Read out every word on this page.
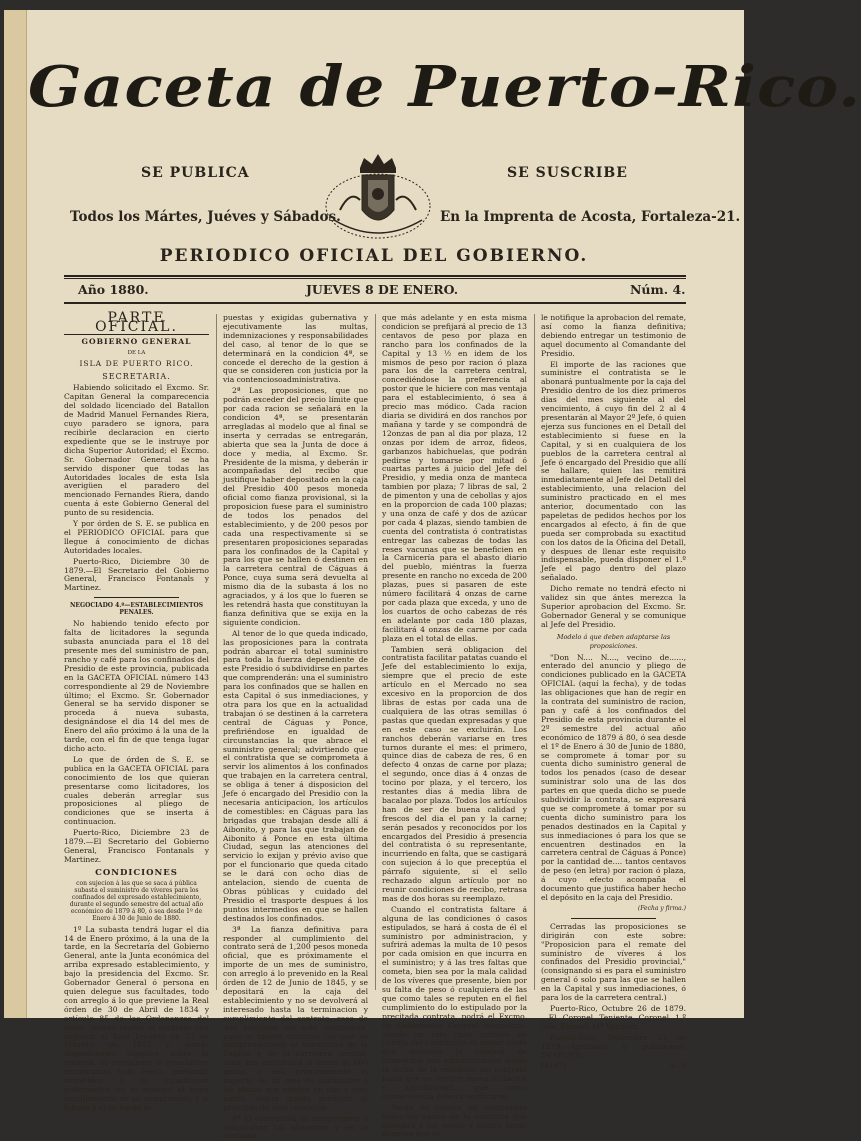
Gaceta de Puerto-Rico.
SE PUBLICA	SE SUSCRIBE
Todos los Mártes, Juéves y Sábados.	En la Imprenta de Acosta, Fortaleza-21.
PERIODICO OFICIAL DEL GOBIERNO.
Año 1880.	JUEVES 8 DE ENERO.	Núm. 4.
PARTE OFICIAL.
GOBIERNO GENERAL
DE LA
ISLA DE PUERTO RICO.
SECRETARIA.

Habiendo solicitado el Excmo. Sr. Capitan General la comparecencia del soldado licenciado del Batallon de Madrid Manuel Fernandes Riera, cuyo paradero se ignora, para recibirle declaracion en cierto expediente que se le instruye por dicha Superior Autoridad; el Excmo. Sr. Gobernador General se ha servido disponer que todas las Autoridades locales de esta Isla averigüen el paradero del mencionado Fernandes Riera, dando cuenta á este Gobierno General del punto de su residencia.

Y por órden de S. E. se publica en el PERIODICO OFICIAL para que llegue á conocimiento de dichas Autoridades locales.

Puerto-Rico, Diciembre 30 de 1879.—El Secretario del Gobierno General, Francisco Fontanals y Martinez.

NEGOCIADO 4.º—ESTABLECIMIENTOS PENALES.

No habiendo tenido efecto por falta de licitadores la segunda subasta anunciada para el 18 del presente mes del suministro de pan, rancho y café para los confinados del Presidio de este provincia, publicada en la GACETA OFICIAL número 143 correspondiente al 29 de Noviembre último; el Excmo. Sr. Gobernador General se ha servido disponer se proceda á nueva subasta, designándose el dia 14 del mes de Enero del año próximo á la una de la tarde, con el fin de que tenga lugar dicho acto.

Lo que de órden de S. E. se publica en la GACETA OFICIAL para conocimiento de los que quieran presentarse como licitadores, los cuales deberán arreglar sus proposiciones al pliego de condiciones que se inserta á continuacion.

Puerto-Rico, Diciembre 23 de 1879.—El Secretario del Gobierno General, Francisco Fontanals y Martinez.

CONDICIONES
con sujecion á las que se saca á pública subasta el suministro de víveres para los confinados del expresado establecimiento, durante el segundo semestre del actual año económico de 1879 á 80, ó sea desde 1º de Enero á 30 de Junio de 1880.

1º La subasta tendrá lugar el dia 14 de Enero próximo, á la una de la tarde, en la Secretaría del Gobierno General, ante la Junta económica del arriba expresado establecimiento, y bajo la presidencia del Excmo. Sr. Gobernador General ó persona en quien delegue sus facultades, todo con arreglo á lo que previene la Real órden de 30 de Abril de 1834 y artículo 85 de las Ordenanzas del ramo, siendo regido el contrato con sujecion al Real Decreto de 27 de Febrero de 1852 y demás disposiciones vigentes sobre la materia. El rematante ó rematantes renunciarán todo fuero, quedando sometidos á la jurisdiccion gubernativa en lo relativo al buen cumplimiento de su compromiso, y si faltare á él se harán in-

puestas y exigidas gubernativa y ejecutivamente las multas, indemnizaciones y responsabilidades del caso, al tenor de lo que se determinará en la condicion 4ª, se concede el derecho de la gestion á que se consideren con justicia por la via contenciosoadministrativa.

2ª Las proposiciones, que no podrán exceder del precio límite que por cada racion se señalará en la condicion 4ª, se presentarán arregladas al modelo que al final se inserta y cerradas se entregarán, abierta que sea la Junta de doce á doce y media, al Excmo. Sr. Presidente de la misma, y deberán ir acompañadas del recibo que justifique haber depositado en la caja del Presidio 400 pesos moneda oficial como fianza provisional, si la proposicion fuese para el suministro de todos los penados del establecimiento, y de 200 pesos por cada una respectivamente si se presentaren proposiciones separadas para los confinados de la Capital y para los que se hallen ó destinen en la carretera central de Cáguas á Ponce, cuya suma será devuelta al mismo dia de la subasta á los no agraciados, y á los que lo fueren se les retendrá hasta que constituyan la fianza definitiva que se exija en la siguiente condicion.

Al tenor de lo que queda indicado, las proposiciones para la contrata podrán abarcar el total suministro para toda la fuerza dependiente de este Presidio ó subdividirse en partes que comprenderán: una el suministro para los confinados que se hallen en esta Capital ó sus inmediaciones, y otra para los que en la actualidad trabajan ó se destinen á la carretera central de Cáguas y Ponce, prefiriéndose en igualdad de circunstancias la que abrace el suministro general; advirtiendo que el contratista que se comprometa á servir los alimentos á los confinados que trabajen en la carretera central, se obliga á tener á disposicion del Jefe ó encargado del Presidio con la necesaria anticipacion, los artículos de comestibles: en Cáguas para las brigadas que trabajan desde allí á Aibonito, y para las que trabajan de Aibonito á Ponce en esta última Ciudad, segun las atenciones del servicio lo exijan y prévio aviso que por el funcionario que queda citado se le dará con ocho dias de antelacion, siendo de cuenta de Obras públicas y cuidado del Presidio el trasporte despues á los puntos intermedios en que se hallen destinados los confinados.

3ª La fianza definitiva para responder al cumplimiento del contrato será de 1,200 pesos moneda oficial, que es próximamente el importe de un mes de suministro, con arreglo á lo prevenido en la Real órden de 12 de Junio de 1845, y se depositará en la caja del establecimiento y no se devolverá al interesado hasta la terminacion y cumplimiento del contrato, caso de que resultase un solo contratista, pues si fueren distintos los que se comprometieren al suministro de la Capital y de la carretera central, cada uno constituirá la fianza de 600 pesos, ó sea próximamente el importe de un mes de suministro á las plazas que existen en uno y otro punto, según queda prefijado al principio de esta condicion.

4ª El contratista se compromete á suministrar los alimentos y en la cantidad

que más adelante y en esta misma condicion se prefijará al precio de 13 centavos de peso por plaza en rancho para los confinados de la Capital y 13 ½ en idem de los mismos de peso por racion ó plaza para los de la carretera central, concediéndose la preferencia al postor que le hiciere con mas ventaja para el establecimiento, ó sea á precio mas módico. Cada racion diaria se dividirá en dos ranchos por mañana y tarde y se compondrá de 12onzas de pan al dia por plaza, 12 onzas por idem de arroz, fideos, garbanzos habichuelas, que podrán pedirse y tomarse por mitad ó cuartas partes á juicio del Jefe del Presidio, y media onza de manteca tambien por plaza; 7 libras de sal, 2 de pimenton y una de cebollas y ajos en la proporcion de cada 100 plazas; y una onza de café y dos de azúcar por cada 4 plazas, siendo tambien de cuenta del contratista ó contratistas entregar las cabezas de todas las reses vacunas que se beneficien en la Carnicería para el abasto diario del pueblo, miéntras la fuerza presente en rancho no exceda de 200 plazas, pues si pasaren de este número facilitará 4 onzas de carne por cada plaza que exceda, y uno de los cuartos de ocho cabezas de rés en adelante por cada 180 plazas, facilitará 4 onzas de carne por cada plaza en el total de ellas.

Tambien será obligacion del contratista facilitar patatas cuando el Jefe del establecimiento lo exija, siempre que el precio de este artículo en el Mercado no sea excesivo en la proporcion de dos libras de estas por cada una de cualquiera de las otras semillas ó pastas que quedan expresadas y que en este caso se excluirán. Los ranchos deberán variarse en tres turnos durante el mes: el primero, quince dias de cabeza de res, 6 en defecto 4 onzas de carne por plaza; el segundo, once dias á 4 onzas de tocino por plaza, y el tercero, los restantes dias á media libra de bacalao por plaza. Todos los artículos han de ser de buena calidad y frescos del dia el pan y la carne; serán pesados y reconocidos por los encargados del Presidio á presencia del contratista ó su representante, incurriendo en falta, que se castigará con sujecion á lo que preceptúa el párrafo siguiente, si el sello rechazado algun artículo por no reunir condiciones de recibo, retrasa mas de dos horas su reemplazo.

Cuando el contratista faltare á alguna de las condiciones ó casos estipulados, se hará á costa de él el suministro por administracion, y sufrirá ademas la multa de 10 pesos por cada omision en que incurra en el suministro; y á las tres faltas que cometa, bien sea por la mala calidad de los víveres que presente, bien por su falta de peso ó cualquiera de las que como tales se reputen en el fiel cumplimiento do lo estipulado por la precitada contrata, podrá el Excmo. Sr. Gobernador General rescindirla, siendo en este caso tambien de cuenta del contratista el mayor coste que ocasione la compra de comestible por administracion desde la fecha de la rescicion del contrato hasta que se celebre nueva licitacion y adjudicacion, que como consecuencia deberá verificarse.

Serán de cuenta del contratista todos los gastos de la escritura que otorgará á los veinte y cuatro horas despues que se

le notifique la aprobacion del remate, así como la fianza definitiva; debiendo entregar un testimonio de aquel documento al Comandante del Presidio.

El importe de las raciones que suministre el contratista se le abonará puntualmente por la caja del Presidio dentro de los diez primeros dias del mes siguiente al del vencimiento, á cuyo fin del 2 al 4 presentarán al Mayor 2º Jefe, ó quien ejerza sus funciones en el Detall del establecimiento si fuese en la Capital, y si en cualquiera de los pueblos de la carretera central al Jefe ó encargado del Presidio que allí se hallare, quien las remitirá inmediatamente al Jefe del Detall del establecimiento, una relacion del suministro practicado en el mes anterior, documentado con las papeletas de pedidos hechos por los encargados al efecto, á fin de que pueda ser comprobada su exactitud con los datos de la Oficina del Detall, y despues de llenar este requisito indispensable, pueda disponer el 1.º Jefe el pago dentro del plazo señalado.

Dicho remate no tendrá efecto ni validez sin que ántes merezca la Superior aprobacion del Excmo. Sr. Gobernador General y se comunique al Jefe del Presidio.

Modelo á que deben adaptarse las proposiciones.

"Don N.... N...., vecino de......, enterado del anuncio y pliego de condiciones publicado en la GACETA OFICIAL (aquí la fecha), y de todas las obligaciones que han de regir en la contrata del suministro de racion, pan y café á los confinados del Presidio de esta provincia durante el 2º semestre del actual año económico de 1879 á 80, ó sea desde el 1º de Enero á 30 de Junio de 1880, se compromete á tomar por su cuenta dicho suministro general de todos los penados (caso de desear suministrar solo una de las dos partes en que queda dicho se puede subdividir la contrata, se expresará que se compromete á tomar por su cuenta dicho suministro para los penados destinados en la Capital y sus inmediaciones ó para los que se encuentren destinados en la carretera central de Cáguas á Ponce) por la cantidad de.... tantos centavos de peso (en letra) por racion ó plaza, á cuyo efecto acompaña el documento que justifica haber hecho el depósito en la caja del Presidio.

(Fecha y firma.)

Cerradas las proposiciones se dirigirán con este sobre: "Proposicion para el remate del suministro de víveres á los confinados del Presidio provincial," (consignando si es para el suministro general ó solo para las que se hallen en la Capital y sus inmediaciones, ó para los de la carretera central.)

Puerto-Rico, Octubre 26 de 1879.—El Coronel Teniente Coronel 1.º Jefe, Manuel Mª Vazquez.

Puerto-Rico, Diciembre 23 de 1879.—Aprobado y publíquese, DESPUJOL.

[4185]	3—5
